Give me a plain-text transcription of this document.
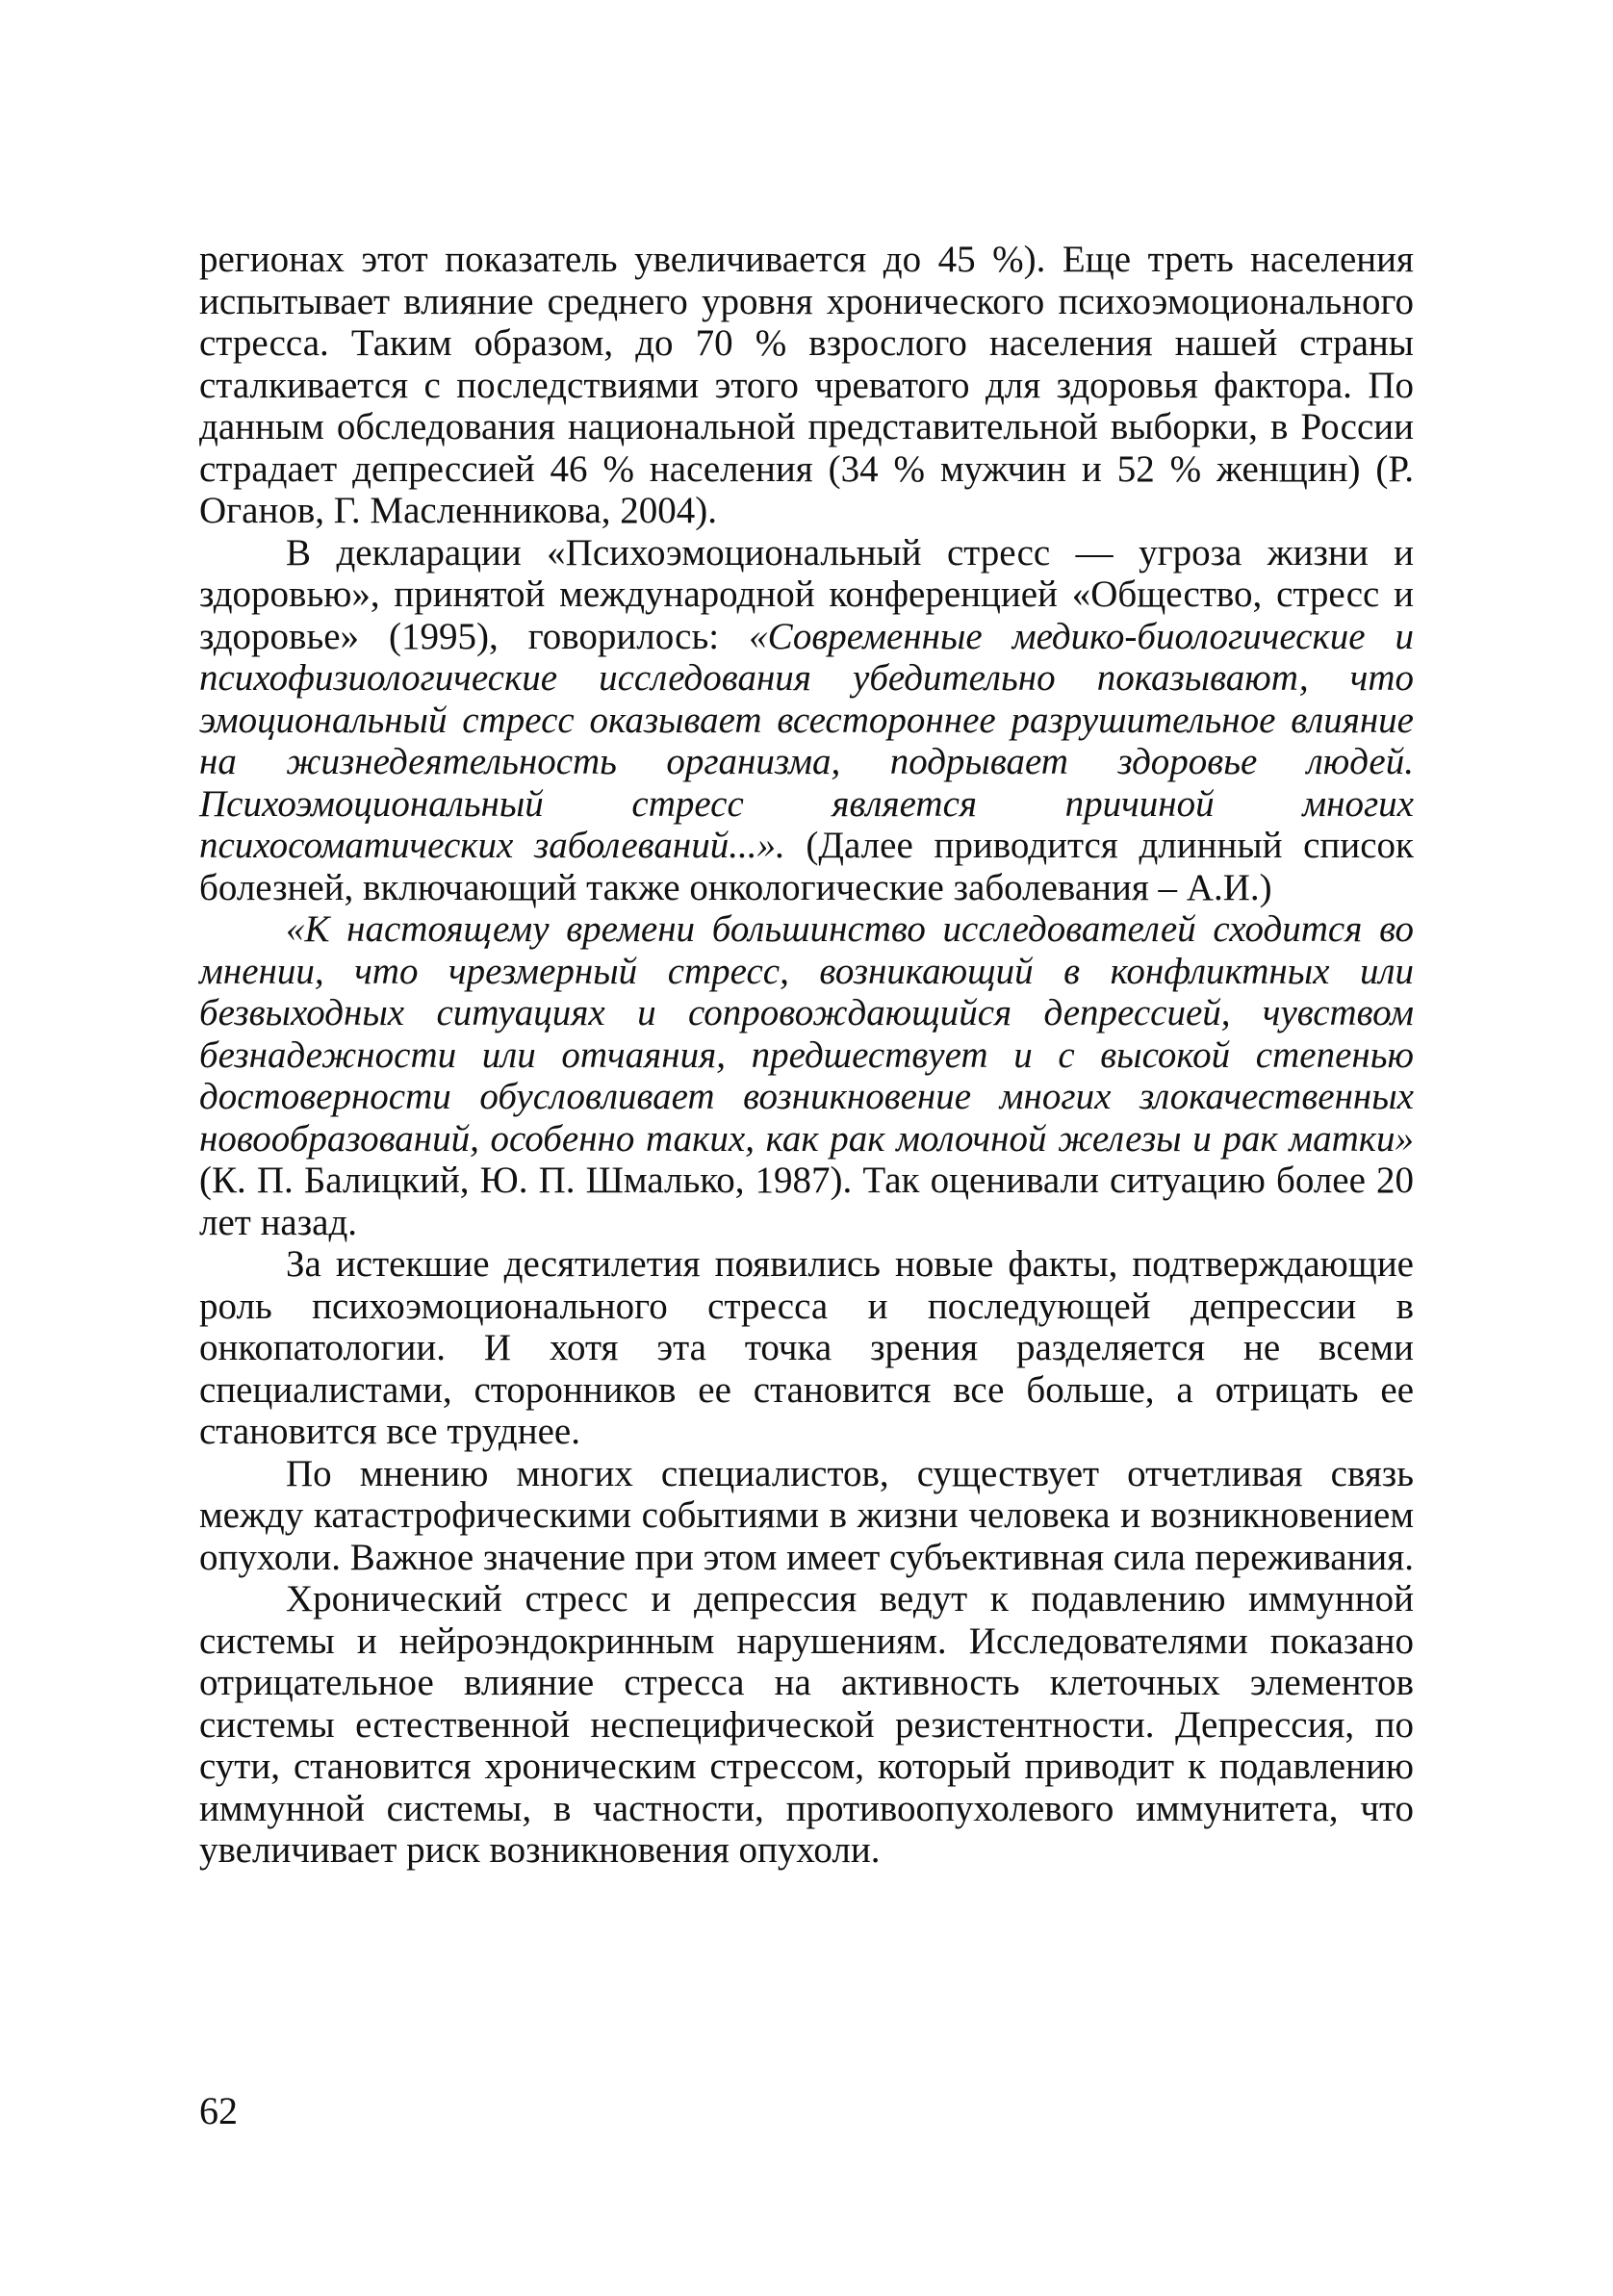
регионах этот показатель увеличивается до 45 %). Еще треть населения испытывает влияние среднего уровня хронического психоэмоционального стресса. Таким образом, до 70 % взрослого населения нашей страны сталкивается с последствиями этого чреватого для здоровья фактора. По данным обследования национальной представительной выборки, в России страдает депрессией 46 % населения (34 % мужчин и 52 % женщин) (Р. Оганов, Г. Масленникова, 2004).

В декларации «Психоэмоциональный стресс — угроза жизни и здоровью», принятой международной конференцией «Общество, стресс и здоровье» (1995), говорилось: «Современные медико-биологические и психофизиологические исследования убедительно показывают, что эмоциональный стресс оказывает всестороннее разрушительное влияние на жизнедеятельность организма, подрывает здоровье людей. Психоэмоциональный стресс является причиной многих психосоматических заболеваний...». (Далее приводится длинный список болезней, включающий также онкологические заболевания – А.И.)

«К настоящему времени большинство исследователей сходится во мнении, что чрезмерный стресс, возникающий в конфликтных или безвыходных ситуациях и сопровождающийся депрессией, чувством безнадежности или отчаяния, предшествует и с высокой степенью достоверности обусловливает возникновение многих злокачественных новообразований, особенно таких, как рак молочной железы и рак матки» (К. П. Балицкий, Ю. П. Шмалько, 1987). Так оценивали ситуацию более 20 лет назад.

За истекшие десятилетия появились новые факты, подтверждающие роль психоэмоционального стресса и последующей депрессии в онкопатологии. И хотя эта точка зрения разделяется не всеми специалистами, сторонников ее становится все больше, а отрицать ее становится все труднее.

По мнению многих специалистов, существует отчетливая связь между катастрофическими событиями в жизни человека и возникновением опухоли. Важное значение при этом имеет субъективная сила переживания.

Хронический стресс и депрессия ведут к подавлению иммунной системы и нейроэндокринным нарушениям. Исследователями показано отрицательное влияние стресса на активность клеточных элементов системы естественной неспецифической резистентности. Депрессия, по сути, становится хроническим стрессом, который приводит к подавлению иммунной системы, в частности, противоопухолевого иммунитета, что увеличивает риск возникновения опухоли.

62
